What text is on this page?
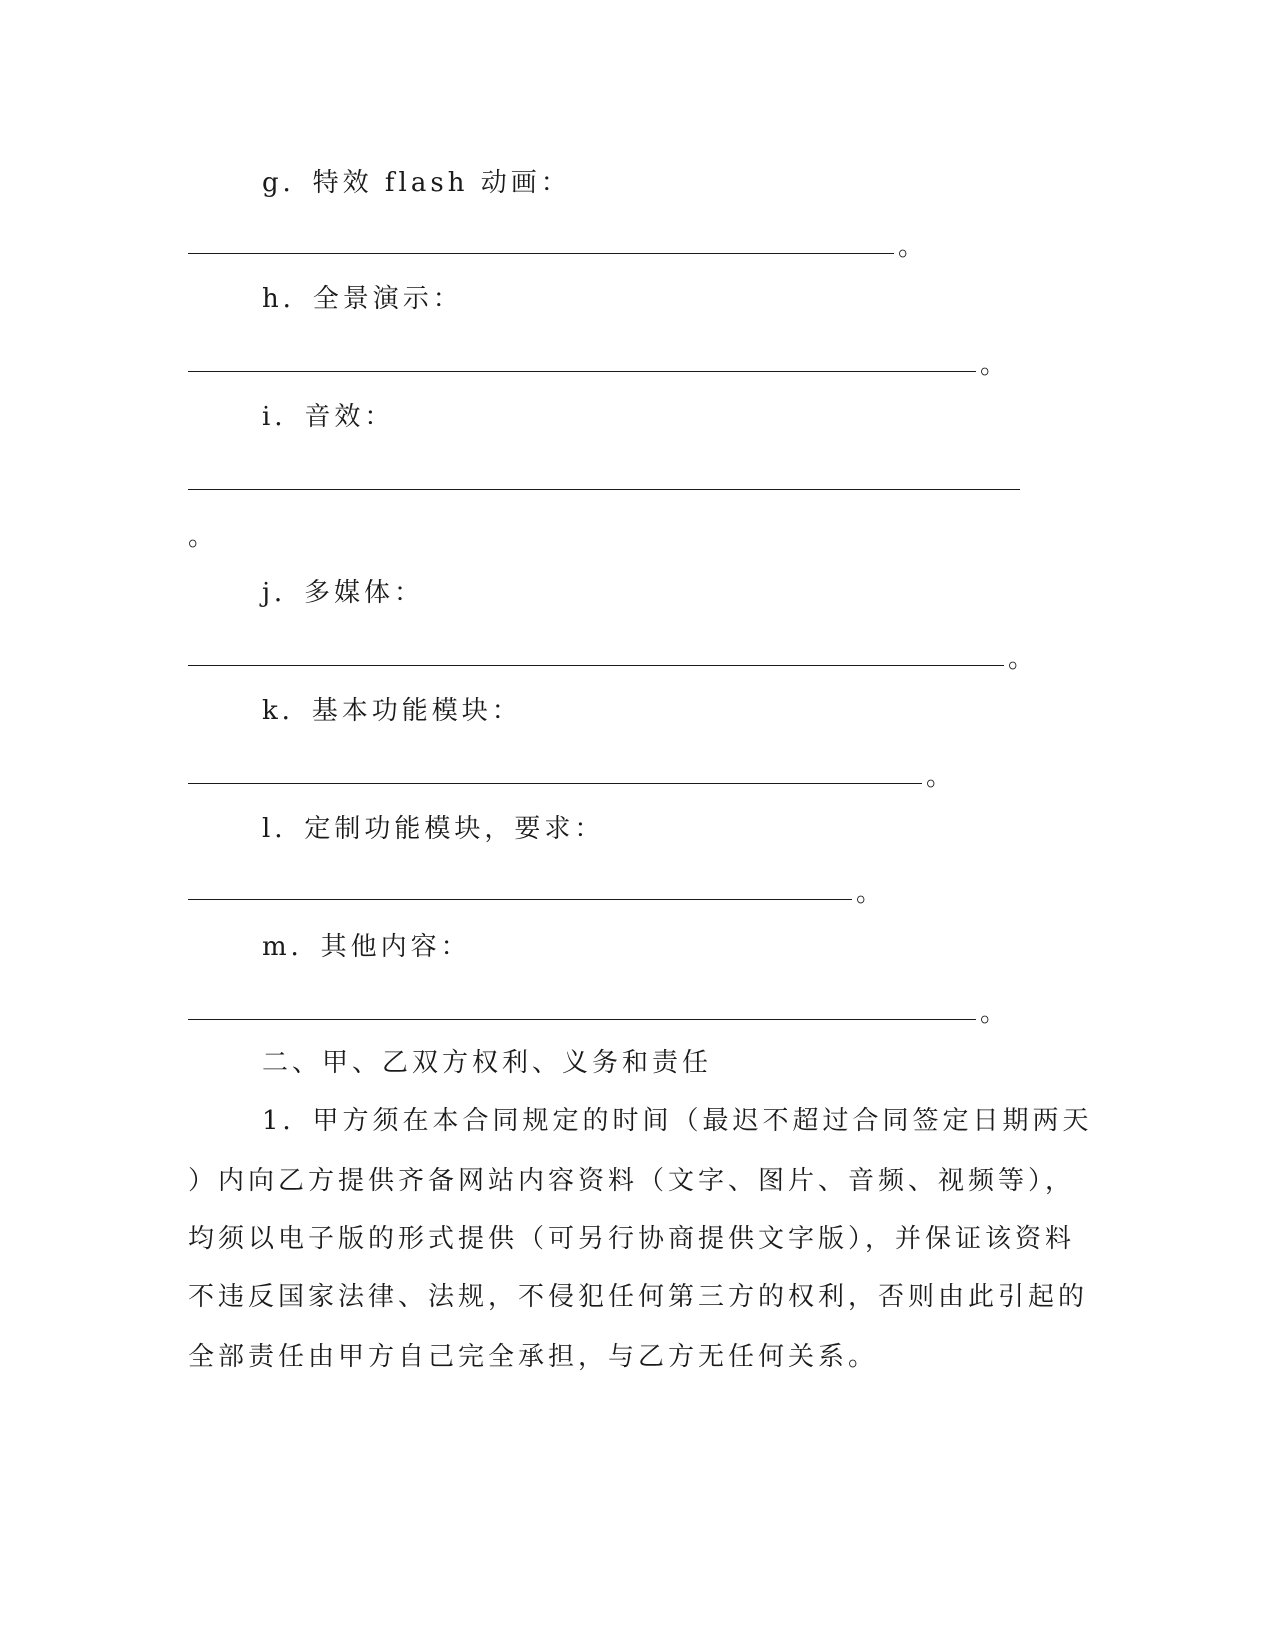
g．特效 flash 动画：
。
h．全景演示：
。
i．音效：
。
j．多媒体：
。
k．基本功能模块：
。
l．定制功能模块，要求：
。
m．其他内容：
。
二、甲、乙双方权利、义务和责任
1．甲方须在本合同规定的时间（最迟不超过合同签定日期两天
）内向乙方提供齐备网站内容资料（文字、图片、音频、视频等），
均须以电子版的形式提供（可另行协商提供文字版），并保证该资料
不违反国家法律、法规，不侵犯任何第三方的权利，否则由此引起的
全部责任由甲方自己完全承担，与乙方无任何关系。
